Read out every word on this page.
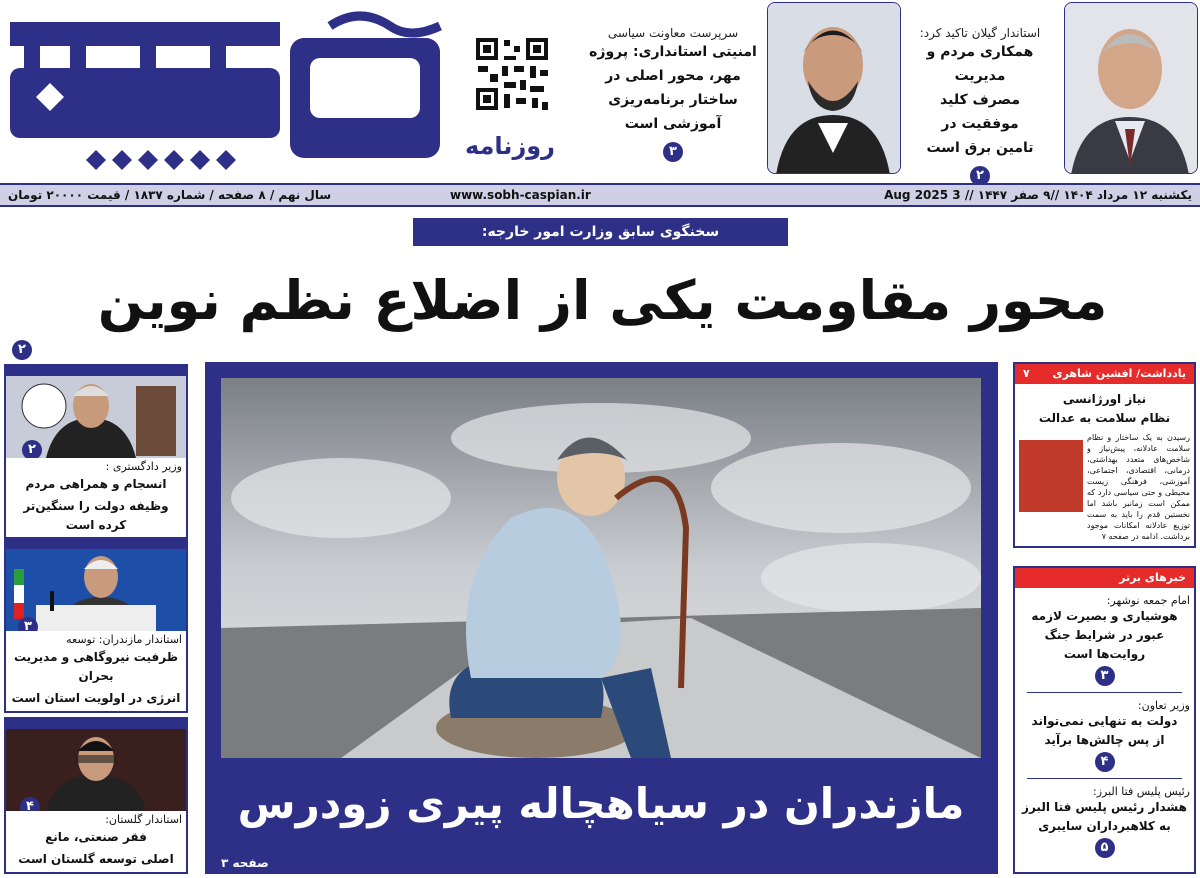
روزنامه
سرپرست معاونت سیاسی
امنیتی استانداری: پروژه
مهر، محور اصلی در
ساختار برنامه‌ریزی
آموزشی است
۳
استاندار گیلان تاکید کرد:
همکاری مردم و مدیریت
مصرف کلید موفقیت در
تامین برق است
۲
یکشنبه ۱۲ مرداد ۱۴۰۴ //۹ صفر ۱۴۴۷ // 3 Aug 2025
www.sobh-caspian.ir
سال نهم / ۸ صفحه / شماره ۱۸۳۷ / قیمت ۲۰۰۰۰ تومان
سخنگوی سابق وزارت امور خارجه:
محور مقاومت یکی از اضلاع نظم نوین
۲
۲
وزیر دادگستری :
انسجام و همراهی مردم
وظیفه دولت را سنگین‌تر کرده است
۳
استاندار مازندران: توسعه
ظرفیت نیروگاهی و مدیریت بحران
انرژی در اولویت استان است
۴
استاندار گلستان:
فقر صنعتی، مانع
اصلی توسعه گلستان است
مازندران در سیاهچاله پیری زودرس
صفحه ۳
یادداشت/ افشین شاهری
۷
نیاز اورژانسی
نظام سلامت به عدالت
رسیدن به یک ساختار و نظام سلامت عادلانه، پیش‌نیاز و شاخص‌های متعدد بهداشتی، درمانی، اقتصادی، اجتماعی، آموزشی، فرهنگی زیست محیطی و حتی سیاسی دارد که ممکن است زمانبر باشد اما نخستین قدم را باید به سمت توزیع عادلانه امکانات موجود برداشت. ادامه در صفحه ۷
خبرهای برتر
امام جمعه نوشهر:
هوشیاری و بصیرت لازمه
عبور در شرایط جنگ روایت‌ها است
۳
وزیر تعاون:
دولت به تنهایی نمی‌تواند
از پس چالش‌ها برآید
۴
رئیس پلیس فتا البرز:
هشدار رئیس پلیس فتا البرز
به کلاهبرداران سایبری
۵
